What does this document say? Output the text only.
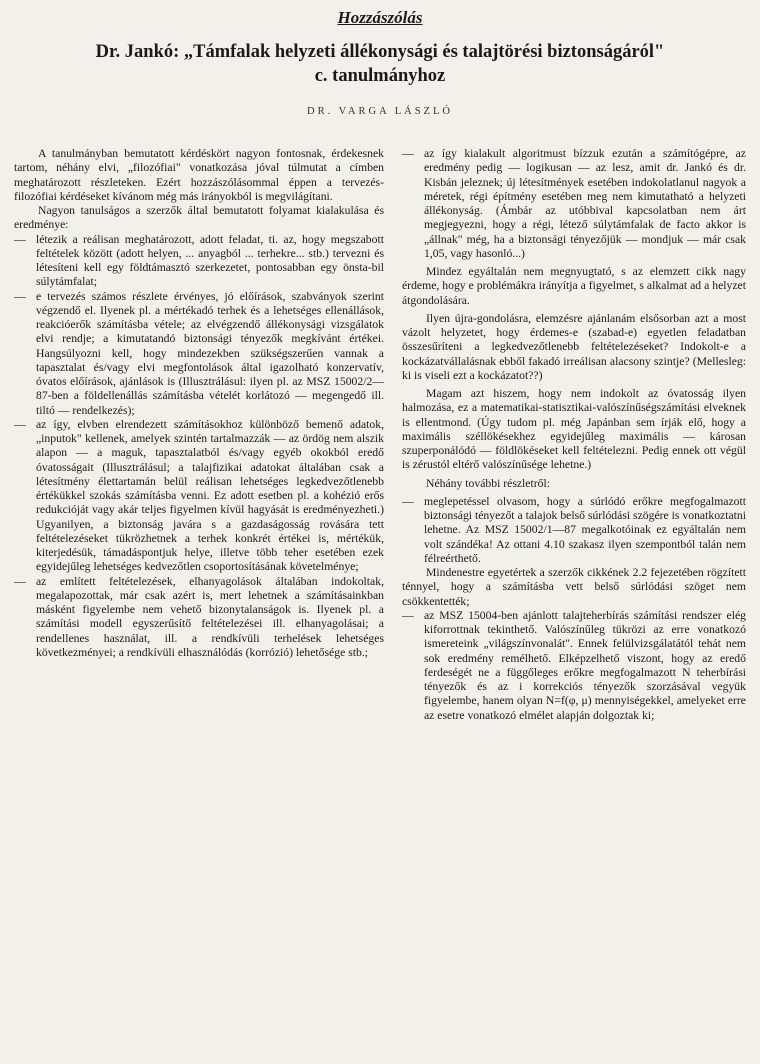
Hozzászólás
Dr. Jankó: „Támfalak helyzeti állékonysági és talajtörési biztonságáról"
c. tanulmányhoz
DR. VARGA LÁSZLÓ

A tanulmányban bemutatott kérdéskört nagyon fontosnak, érdekesnek tartom, néhány elvi, „filozófiai" vonatkozása jóval túlmutat a címben meghatározott részleteken. Ezért hozzászólásommal éppen a tervezés-filozófiai kérdéseket kívánom még más irányokból is megvilágítani.

Nagyon tanulságos a szerzők által bemutatott folyamat kialakulása és eredménye:

— létezik a reálisan meghatározott, adott feladat, ti. az, hogy megszabott feltételek között (adott helyen, ... anyagból ... terhekre... stb.) tervezni és létesíteni kell egy földtámasztó szerkezetet, pontosabban egy önsta-bil súlytámfalat;

— e tervezés számos részlete érvényes, jó előírások, szabványok szerint végzendő el. Ilyenek pl. a mértékadó terhek és a lehetséges ellenállások, reakcióerők számításba vétele; az elvégzendő állékonysági vizsgálatok elvi rendje; a kimutatandó biztonsági tényezők megkívánt értékei. Hangsúlyozni kell, hogy mindezekben szükségszerűen vannak a tapasztalat és/vagy elvi megfontolások által igazolható konzervatív, óvatos előírások, ajánlások is (Illusztrálásul: ilyen pl. az MSZ 15002/2—87-ben a földellenállás számításba vételét korlátozó — megengedő ill. tiltó — rendelkezés);

— az így, elvben elrendezett számításokhoz különböző bemenő adatok, „inputok" kellenek, amelyek szintén tartalmazzák — az ördög nem alszik alapon — a maguk, tapasztalatból és/vagy egyéb okokból eredő óvatosságait (Illusztrálásul; a talajfizikai adatokat általában csak a létesítmény élettartamán belül reálisan lehetséges legkedvezőtlenebb értékükkel szokás számításba venni. Ez adott esetben pl. a kohézió erős redukcióját vagy akár teljes figyelmen kívül hagyását is eredményezheti.) Ugyanilyen, a biztonság javára s a gazdaságosság rovására tett feltételezéseket tükrözhetnek a terhek konkrét értékei is, mértékük, kiterjedésük, támadáspontjuk helye, illetve több teher esetében ezek egyidejűleg lehetséges kedvezőtlen csoportosításának követelménye;

— az említett feltételezések, elhanyagolások általában indokoltak, megalapozottak, már csak azért is, mert lehetnek a számításainkban másként figyelembe nem vehető bizonytalanságok is. Ilyenek pl. a számítási modell egyszerűsítő feltételezései ill. elhanyagolásai; a rendellenes használat, ill. a rendkívüli terhelések lehetséges következményei; a rendkívüli elhasználódás (korrózió) lehetősége stb.;

— az így kialakult algoritmust bízzuk ezután a számítógépre, az eredmény pedig — logikusan — az lesz, amit dr. Jankó és dr. Kisbán jeleznek; új létesítmények esetében indokolatlanul nagyok a méretek, régi építmény esetében meg nem kimutatható a helyzeti állékonyság. (Ámbár az utóbbival kapcsolatban nem árt megjegyezni, hogy a régi, létező súlytámfalak de facto akkor is „állnak" még, ha a biztonsági tényezőjük — mondjuk — már csak 1,05, vagy hasonló...)

Mindez egyáltalán nem megnyugtató, s az elemzett cikk nagy érdeme, hogy e problémákra irányítja a figyelmet, s alkalmat ad a helyzet átgondolására.

Ilyen újra-gondolásra, elemzésre ajánlanám elsősorban azt a most vázolt helyzetet, hogy érdemes-e (szabad-e) egyetlen feladatban összesűríteni a legkedvezőtlenebb feltételezéseket? Indokolt-e a kockázatvállalásnak ebből fakadó irreálisan alacsony szintje? (Mellesleg: ki is viseli ezt a kockázatot??)

Magam azt hiszem, hogy nem indokolt az óvatosság ilyen halmozása, ez a matematikai-statisztikai-valószínűségszámítási elveknek is ellentmond. (Úgy tudom pl. még Japánban sem írják elő, hogy a maximális széllökésekhez egyidejűleg maximális — károsan szuperponálódó — földlökéseket kell feltételezni. Pedig ennek ott végül is zérustól eltérő valószínűsége lehetne.)

Néhány további részletről:

— meglepetéssel olvasom, hogy a súrlódó erőkre megfogalmazott biztonsági tényezőt a talajok belső súrlódási szögére is vonatkoztatni lehetne. Az MSZ 15002/1—87 megalkotóinak ez egyáltalán nem volt szándéka! Az ottani 4.10 szakasz ilyen szempontból talán nem félreérthető.

Mindenestre egyetértek a szerzők cikkének 2.2 fejezetében rögzített ténnyel, hogy a számításba vett belső súrlódási szöget nem csökkentették;

— az MSZ 15004-ben ajánlott talajteherbírás számítási rendszer elég kiforrottnak tekinthető. Valószínűleg tükrözi az erre vonatkozó ismereteink „világszínvonalát". Ennek felülvizsgálatától tehát nem sok eredmény remélhető. Elképzelhető viszont, hogy az eredő ferdeségét ne a függőleges erőkre megfogalmazott N teherbírási tényezők és az i korrekciós tényezők szorzásával vegyük figyelembe, hanem olyan N=f(φ, μ) mennyiségekkel, amelyeket erre az esetre vonatkozó elmélet alapján dolgoztak ki;
